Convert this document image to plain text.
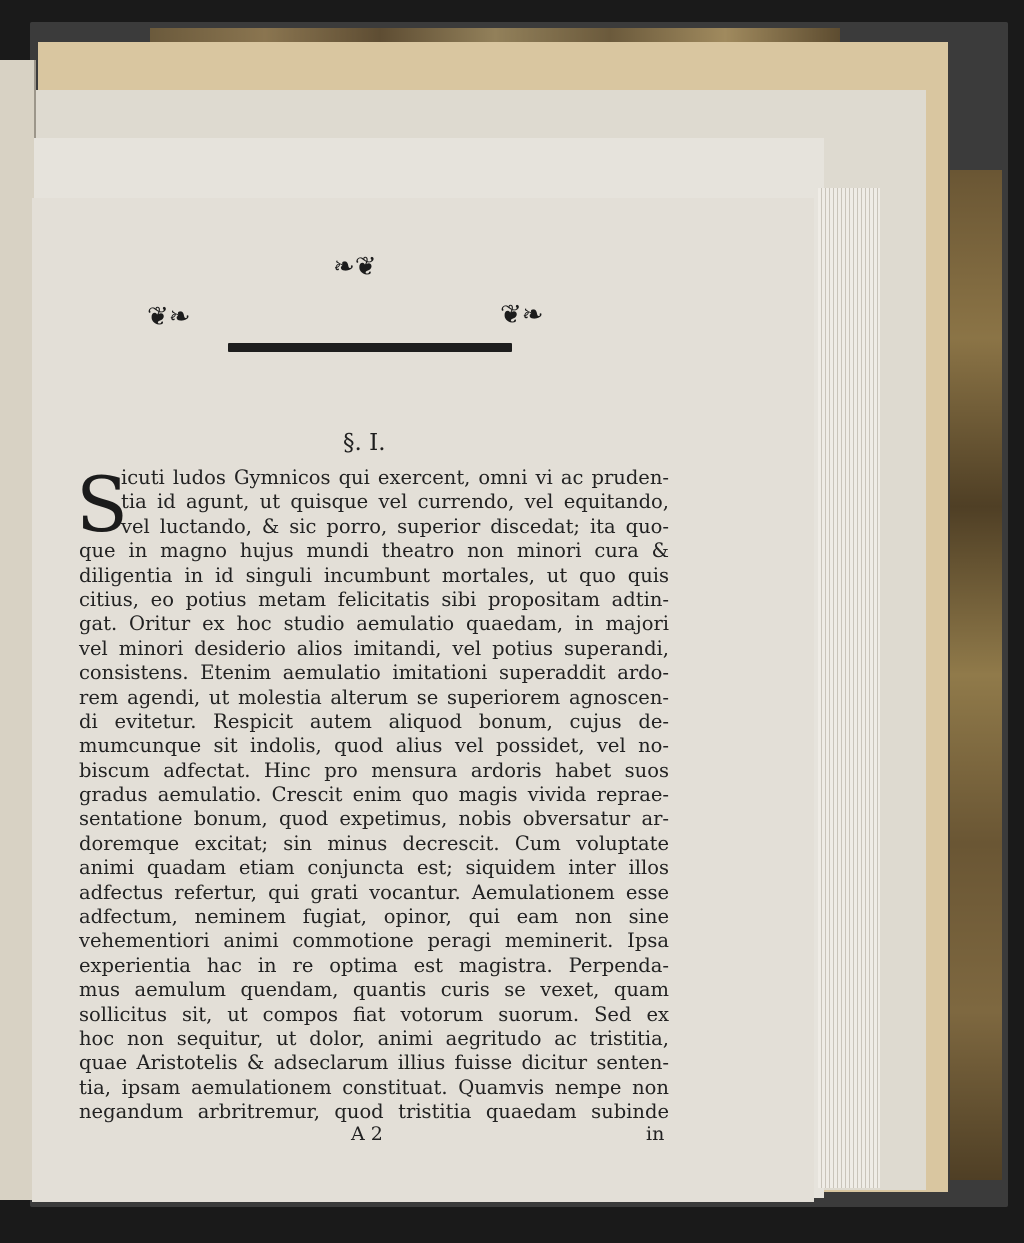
❧❦
❦❧	❦❧
§. I.
S
icuti ludos Gymnicos qui exercent, omni vi ac pruden-
tia id agunt, ut quisque vel currendo, vel equitando,
vel luctando, & sic porro, superior discedat; ita quo-
que in magno hujus mundi theatro non minori cura &
diligentia in id singuli incumbunt mortales, ut quo quis
citius, eo potius metam felicitatis sibi propositam adtin-
gat. Oritur ex hoc studio aemulatio quaedam, in majori
vel minori desiderio alios imitandi, vel potius superandi,
consistens. Etenim aemulatio imitationi superaddit ardo-
rem agendi, ut molestia alterum se superiorem agnoscen-
di evitetur. Respicit autem aliquod bonum, cujus de-
mumcunque sit indolis, quod alius vel possidet, vel no-
biscum adfectat. Hinc pro mensura ardoris habet suos
gradus aemulatio. Crescit enim quo magis vivida reprae-
sentatione bonum, quod expetimus, nobis obversatur ar-
doremque excitat; sin minus decrescit. Cum voluptate
animi quadam etiam conjuncta est; siquidem inter illos
adfectus refertur, qui grati vocantur. Aemulationem esse
adfectum, neminem fugiat, opinor, qui eam non sine
vehementiori animi commotione peragi meminerit. Ipsa
experientia hac in re optima est magistra. Perpenda-
mus aemulum quendam, quantis curis se vexet, quam
sollicitus sit, ut compos fiat votorum suorum. Sed ex
hoc non sequitur, ut dolor, animi aegritudo ac tristitia,
quae Aristotelis & adseclarum illius fuisse dicitur senten-
tia, ipsam aemulationem constituat. Quamvis nempe non
negandum arbritremur, quod tristitia quaedam subinde
A 2	in
